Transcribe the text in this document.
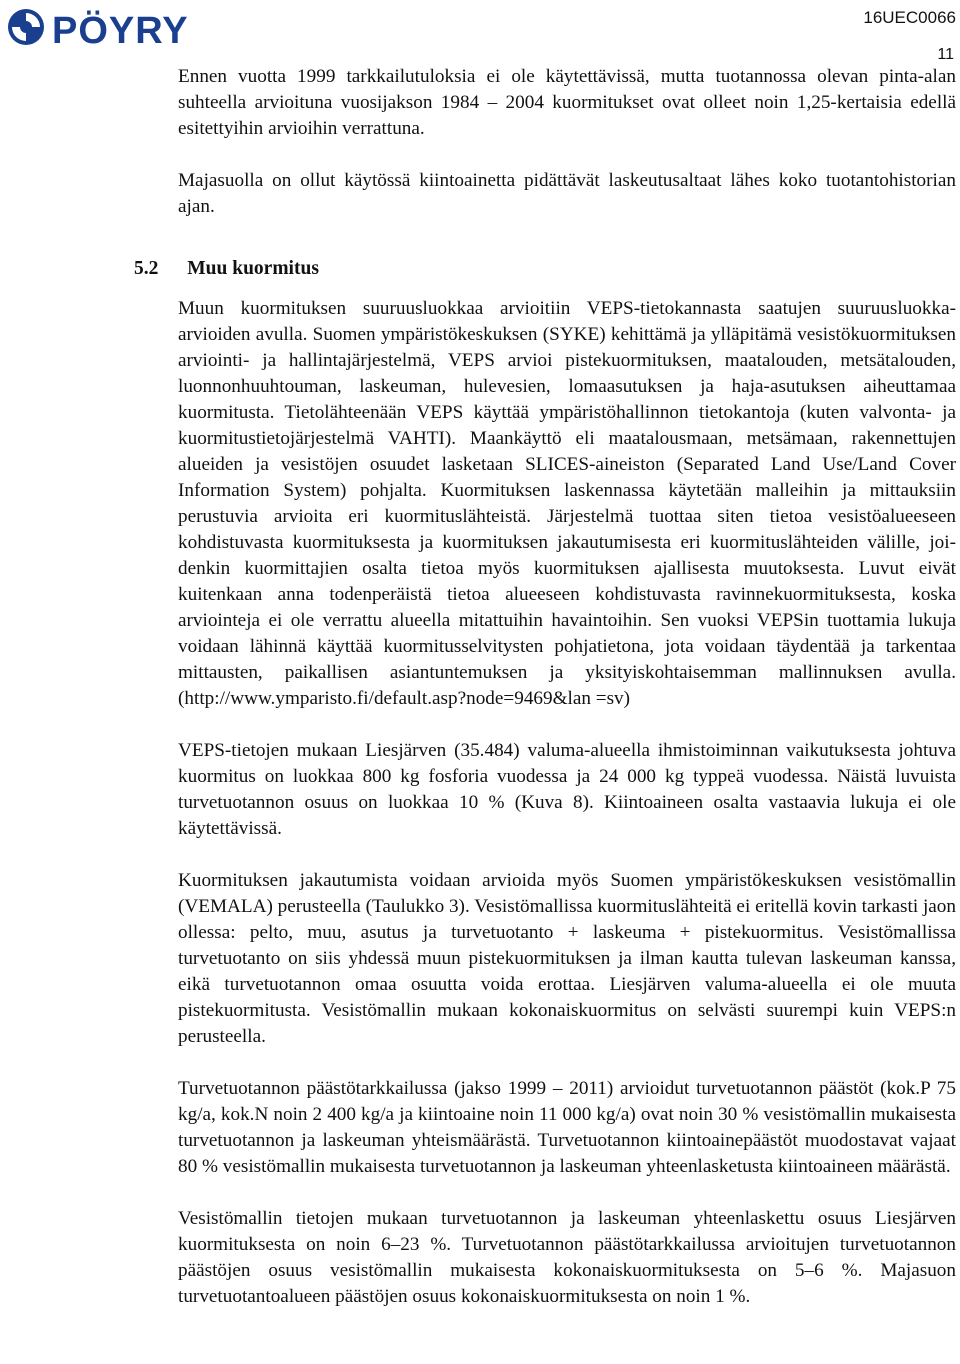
PÖYRY	16UEC0066
11

Ennen vuotta 1999 tarkkailutuloksia ei ole käytettävissä, mutta tuotannossa olevan pinta-alan suhteella arvioituna vuosijakson 1984 – 2004 kuormitukset ovat olleet noin 1,25-kertaisia edellä esitettyihin arvioihin verrattuna.

Majasuolla on ollut käytössä kiintoainetta pidättävät laskeutusaltaat lähes koko tuotantohistorian ajan.

5.2 Muu kuormitus

Muun kuormituksen suuruusluokkaa arvioitiin VEPS-tietokannasta saatujen suuruusluokka-arvioiden avulla. Suomen ympäristökeskuksen (SYKE) kehittämä ja ylläpitämä vesistökuormituksen arviointi- ja hallintajärjestelmä, VEPS arvioi pistekuormituksen, maatalouden, metsätalouden, luonnonhuuhtouman, laskeuman, hulevesien, lomaasutuksen ja haja-asutuksen aiheuttamaa kuormitusta. Tietolähteenään VEPS käyttää ympäristöhallinnon tietokantoja (kuten valvonta- ja kuormitustietojärjestelmä VAHTI). Maankäyttö eli maatalousmaan, metsämaan, rakennettujen alueiden ja vesistöjen osuudet lasketaan SLICES-aineiston (Separated Land Use/Land Cover Information System) pohjalta. Kuormituksen laskennassa käytetään malleihin ja mittauksiin perustuvia arvioita eri kuormituslähteistä. Järjestelmä tuottaa siten tietoa vesistöalueeseen kohdistuvasta kuormituksesta ja kuormituksen jakautumisesta eri kuormituslähteiden välille, joidenkin kuormittajien osalta tietoa myös kuormituksen ajallisesta muutoksesta. Luvut eivät kuitenkaan anna todenperäistä tietoa alueeseen kohdistuvasta ravinnekuormituksesta, koska arviointeja ei ole verrattu alueella mitattuihin havaintoihin. Sen vuoksi VEPSin tuottamia lukuja voidaan lähinnä käyttää kuormitusselvitysten pohjatietona, jota voidaan täydentää ja tarkentaa mittausten, paikallisen asiantuntemuksen ja yksityiskohtaisemman mallinnuksen avulla. (http://www.ymparisto.fi/default.asp?node=9469&lan =sv)

VEPS-tietojen mukaan Liesjärven (35.484) valuma-alueella ihmistoiminnan vaikutuksesta johtuva kuormitus on luokkaa 800 kg fosforia vuodessa ja 24 000 kg typpeä vuodessa. Näistä luvuista turvetuotannon osuus on luokkaa 10 % (Kuva 8). Kiintoaineen osalta vastaavia lukuja ei ole käytettävissä.

Kuormituksen jakautumista voidaan arvioida myös Suomen ympäristökeskuksen vesistömallin (VEMALA) perusteella (Taulukko 3). Vesistömallissa kuormituslähteitä ei eritellä kovin tarkasti jaon ollessa: pelto, muu, asutus ja turvetuotanto + laskeuma + pistekuormitus. Vesistömallissa turvetuotanto on siis yhdessä muun pistekuormituksen ja ilman kautta tulevan laskeuman kanssa, eikä turvetuotannon omaa osuutta voida erottaa. Liesjärven valuma-alueella ei ole muuta pistekuormitusta. Vesistömallin mukaan kokonaiskuormitus on selvästi suurempi kuin VEPS:n perusteella.

Turvetuotannon päästötarkkailussa (jakso 1999 – 2011) arvioidut turvetuotannon päästöt (kok.P 75 kg/a, kok.N noin 2 400 kg/a ja kiintoaine noin 11 000 kg/a) ovat noin 30 % vesistömallin mukaisesta turvetuotannon ja laskeuman yhteismäärästä. Turvetuotannon kiintoainepäästöt muodostavat vajaat 80 % vesistömallin mukaisesta turvetuotannon ja laskeuman yhteenlasketusta kiintoaineen määrästä.

Vesistömallin tietojen mukaan turvetuotannon ja laskeuman yhteenlaskettu osuus Liesjärven kuormituksesta on noin 6–23 %. Turvetuotannon päästötarkkailussa arvioitujen turvetuotannon päästöjen osuus vesistömallin mukaisesta kokonaiskuormituksesta on 5–6 %. Majasuon turvetuotantoalueen päästöjen osuus kokonaiskuormituksesta on noin 1 %.
